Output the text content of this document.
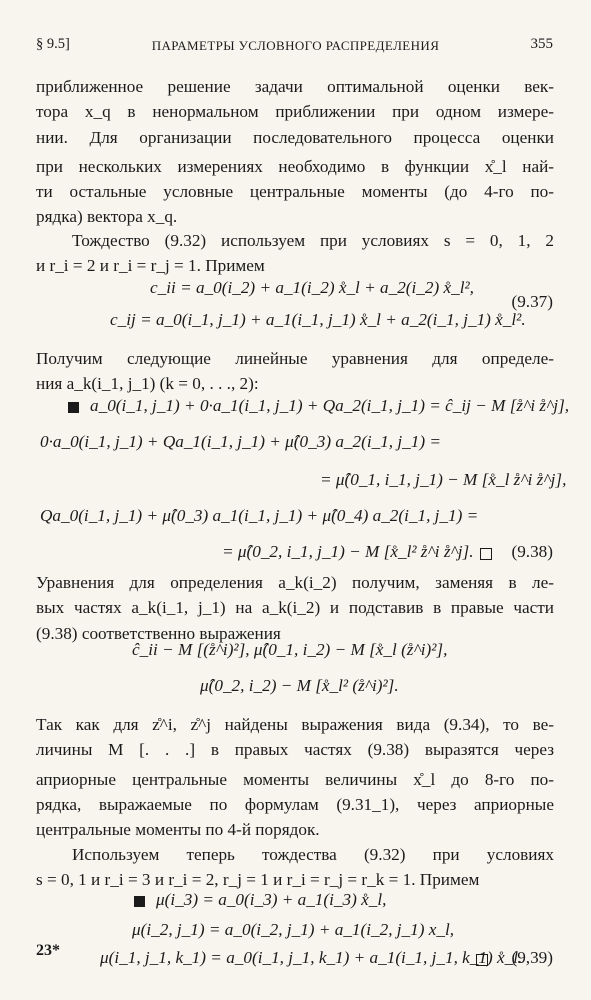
§ 9.5]	ПАРАМЕТРЫ УСЛОВНОГО РАСПРЕДЕЛЕНИЯ	355
приближенное решение задачи оптимальной оценки век-
тора x_q в ненормальном приближении при одном измере-
нии. Для организации последовательного процесса оценки
при нескольких измерениях необходимо в функции x̊_l най-
ти остальные условные центральные моменты (до 4-го по-
рядка) вектора x_q.
Тождество (9.32) используем при условиях s = 0, 1, 2
и r_i = 2 и r_i = r_j = 1. Примем
c_ii = a_0(i_2) + a_1(i_2) x̊_l + a_2(i_2) x̊_l²,
c_ij = a_0(i_1, j_1) + a_1(i_1, j_1) x̊_l + a_2(i_1, j_1) x̊_l².
(9.37)
Получим следующие линейные уравнения для определе-
ния a_k(i_1, j_1) (k = 0, . . ., 2):
a_0(i_1, j_1) + 0·a_1(i_1, j_1) + Qa_2(i_1, j_1) = ĉ_ij − M [z̊^i z̊^j],
0·a_0(i_1, j_1) + Qa_1(i_1, j_1) + μ̂(0_3) a_2(i_1, j_1) =
= μ̂(0_1, i_1, j_1) − M [x̊_l z̊^i z̊^j],
Qa_0(i_1, j_1) + μ̂(0_3) a_1(i_1, j_1) + μ̂(0_4) a_2(i_1, j_1) =
= μ̂(0_2, i_1, j_1) − M [x̊_l² z̊^i z̊^j]. (9.38)
Уравнения для определения a_k(i_2) получим, заменяя в ле-
вых частях a_k(i_1, j_1) на a_k(i_2) и подставив в правые части
(9.38) соответственно выражения
ĉ_ii − M [(z̊^i)²], μ̂(0_1, i_2) − M [x̊_l (z̊^i)²],
μ̂(0_2, i_2) − M [x̊_l² (z̊^i)²].
Так как для z̊^i, z̊^j найдены выражения вида (9.34), то ве-
личины M [. . .] в правых частях (9.38) выразятся через
априорные центральные моменты величины x̊_l до 8-го по-
рядка, выражаемые по формулам (9.31_1), через априорные
центральные моменты по 4-й порядок.
Используем теперь тождества (9.32) при условиях
s = 0, 1 и r_i = 3 и r_i = 2, r_j = 1 и r_i = r_j = r_k = 1. Примем
μ(i_3) = a_0(i_3) + a_1(i_3) x̊_l,
μ(i_2, j_1) = a_0(i_2, j_1) + a_1(i_2, j_1) x_l,
μ(i_1, j_1, k_1) = a_0(i_1, j_1, k_1) + a_1(i_1, j_1, k_1) x̊_l.
(9,39)
23*
